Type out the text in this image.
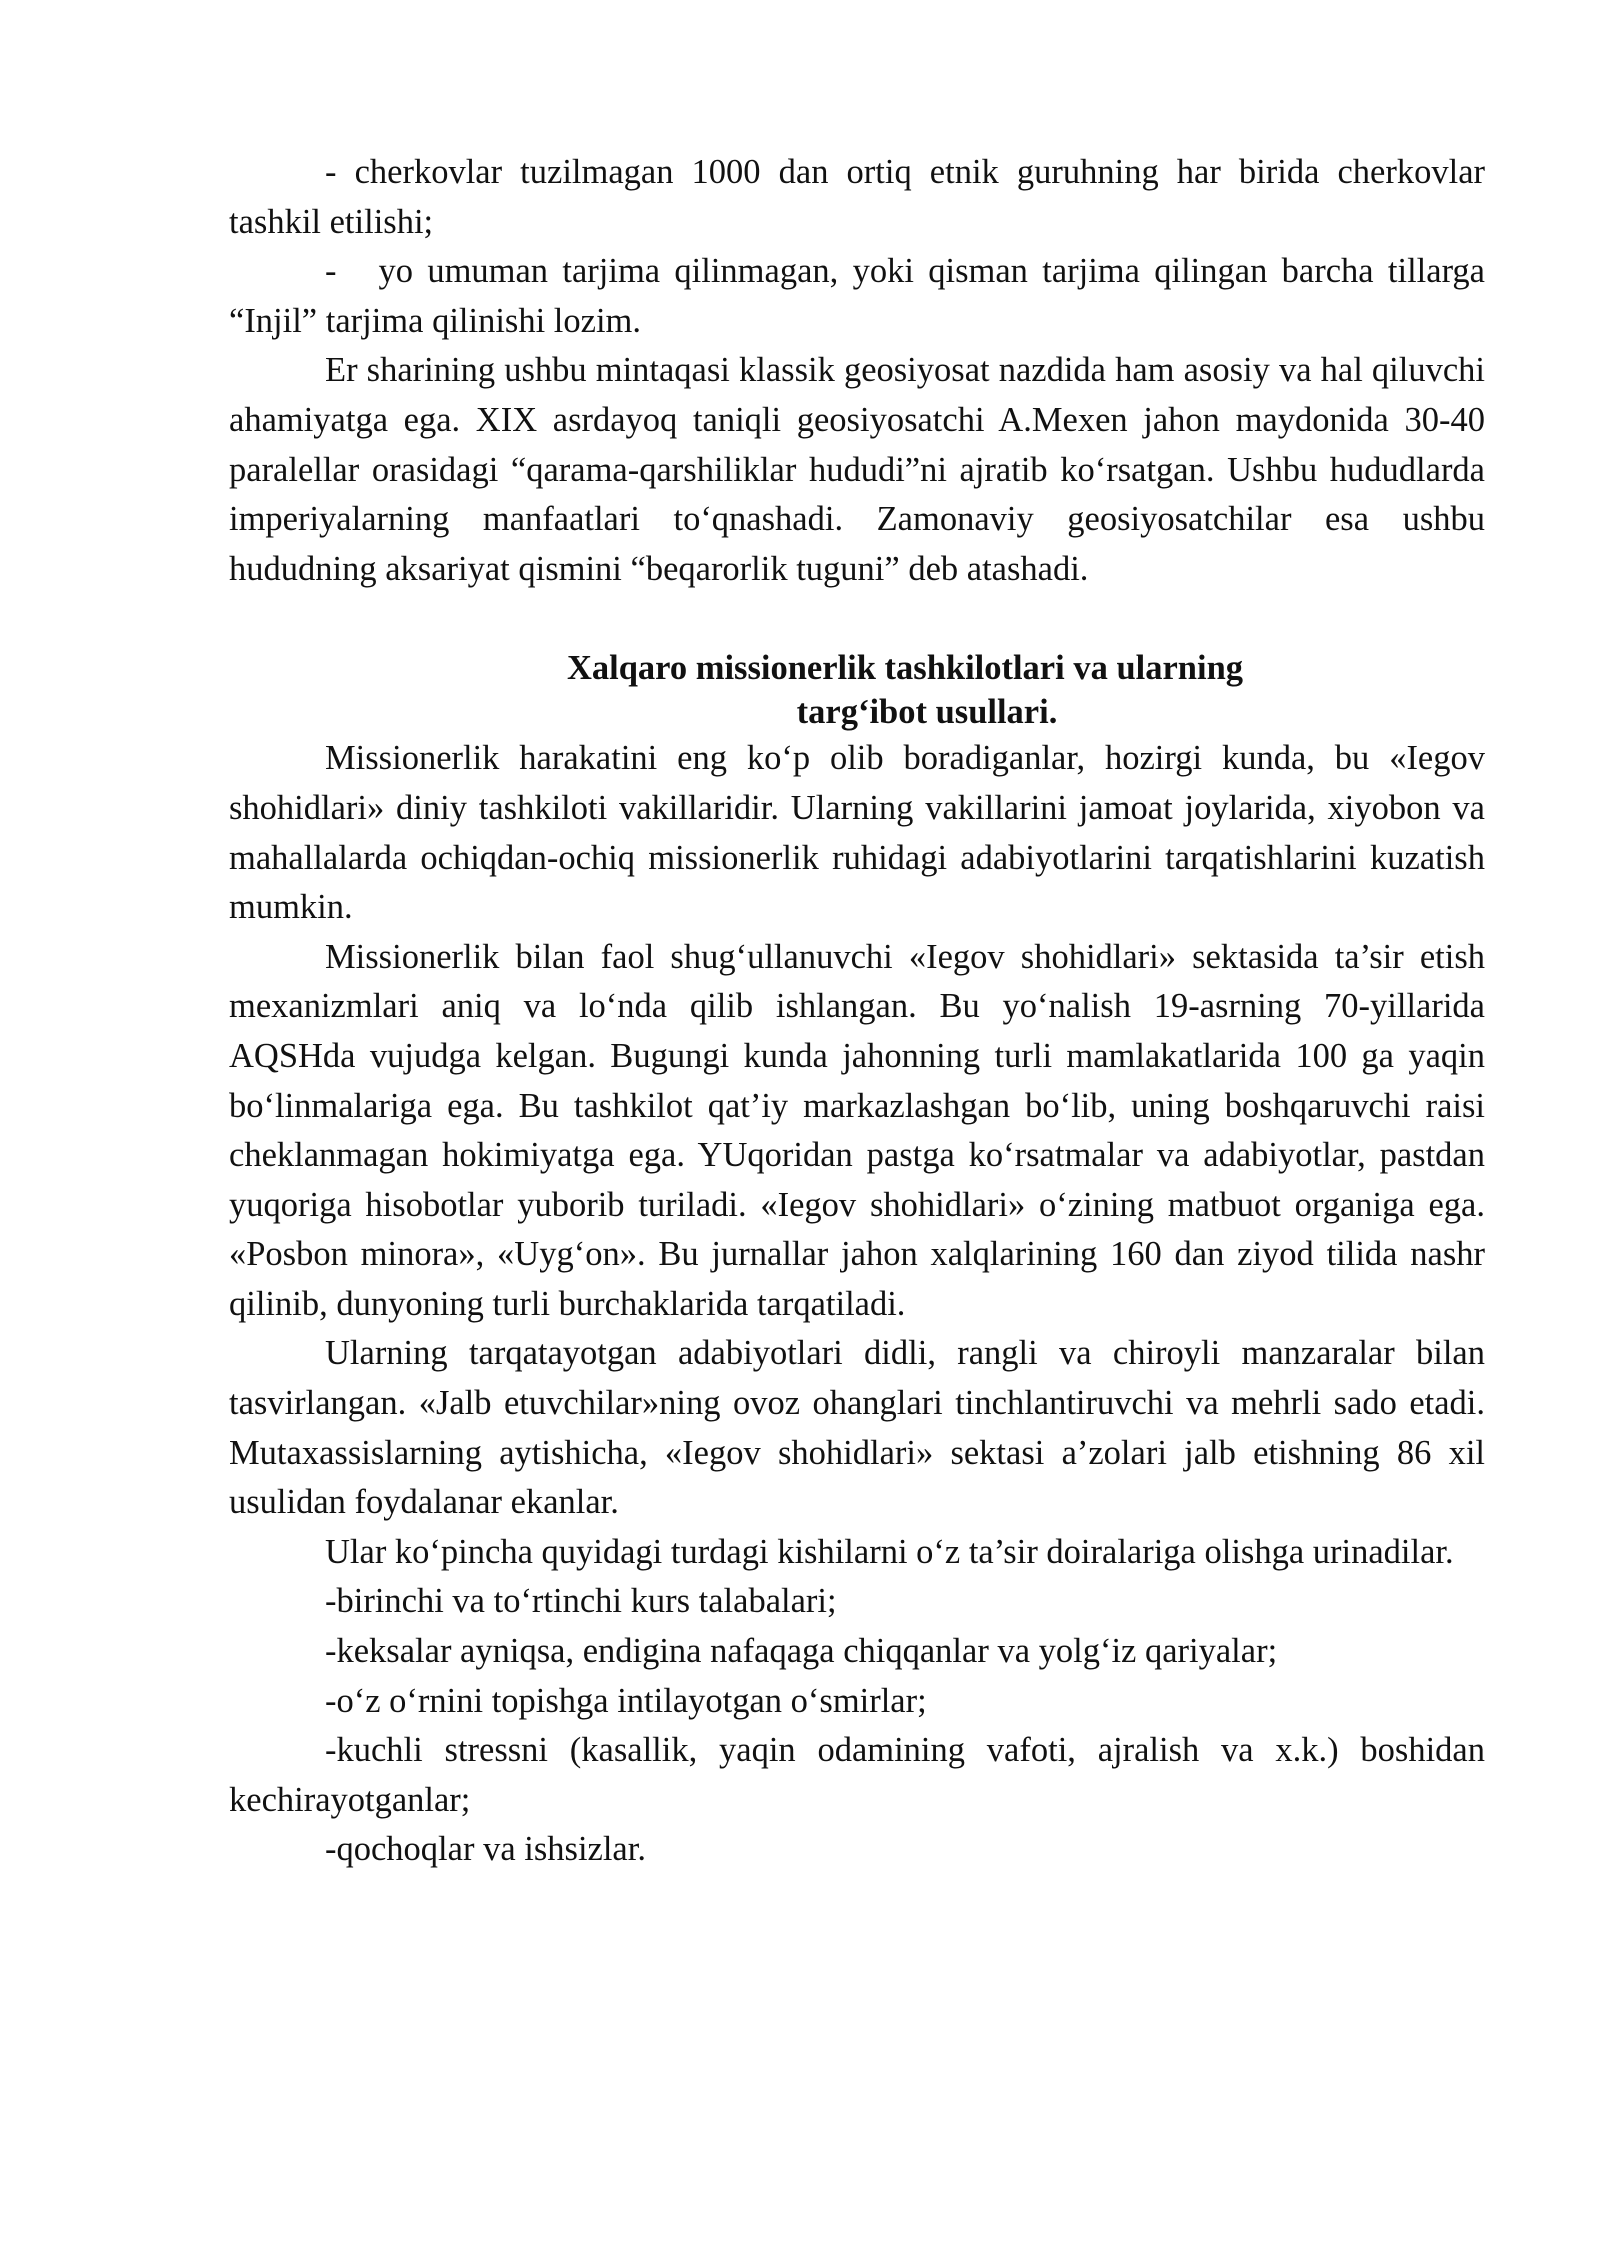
- cherkovlar tuzilmagan 1000 dan ortiq etnik guruhning har birida cherkovlar tashkil etilishi;

- yo umuman tarjima qilinmagan, yoki qisman tarjima qilingan barcha tillarga “Injil” tarjima qilinishi lozim.

Er sharining ushbu mintaqasi klassik geosiyosat nazdida ham asosiy va hal qiluvchi ahamiyatga ega. XIX asrdayoq taniqli geosiyosatchi A.Mexen jahon maydonida 30-40 paralellar orasidagi “qarama-qarshiliklar hududi”ni ajratib koʻrsatgan. Ushbu hududlarda imperiyalarning manfaatlari toʻqnashadi. Zamonaviy geosiyosatchilar esa ushbu hududning aksariyat qismini “beqarorlik tuguni” deb atashadi.

Xalqaro missionerlik tashkilotlari va ularning
targʻibot usullari.

Missionerlik harakatini eng koʻp olib boradiganlar, hozirgi kunda, bu «Iegov shohidlari» diniy tashkiloti vakillaridir. Ularning vakillarini jamoat joylarida, xiyobon va mahallalarda ochiqdan-ochiq missionerlik ruhidagi adabiyotlarini tarqatishlarini kuzatish mumkin.

Missionerlik bilan faol shugʻullanuvchi «Iegov shohidlari» sektasida ta’sir etish mexanizmlari aniq va loʻnda qilib ishlangan. Bu yoʻnalish 19-asrning 70-yillarida AQSHda vujudga kelgan. Bugungi kunda jahonning turli mamlakatlarida 100 ga yaqin boʻlinmalariga ega. Bu tashkilot qat’iy markazlashgan boʻlib, uning boshqaruvchi raisi cheklanmagan hokimiyatga ega. YUqoridan pastga koʻrsatmalar va adabiyotlar, pastdan yuqoriga hisobotlar yuborib turiladi. «Iegov shohidlari» oʻzining matbuot organiga ega. «Posbon minora», «Uygʻon». Bu jurnallar jahon xalqlarining 160 dan ziyod tilida nashr qilinib, dunyoning turli burchaklarida tarqatiladi.

Ularning tarqatayotgan adabiyotlari didli, rangli va chiroyli manzaralar bilan tasvirlangan. «Jalb etuvchilar»ning ovoz ohanglari tinchlantiruvchi va mehrli sado etadi. Mutaxassislarning aytishicha, «Iegov shohidlari» sektasi a’zolari jalb etishning 86 xil usulidan foydalanar ekanlar.

Ular koʻpincha quyidagi turdagi kishilarni oʻz ta’sir doiralariga olishga urinadilar.

-birinchi va toʻrtinchi kurs talabalari;

-keksalar ayniqsa, endigina nafaqaga chiqqanlar va yolgʻiz qariyalar;

-oʻz oʻrnini topishga intilayotgan oʻsmirlar;

-kuchli stressni (kasallik, yaqin odamining vafoti, ajralish va x.k.) boshidan kechirayotganlar;

-qochoqlar va ishsizlar.
